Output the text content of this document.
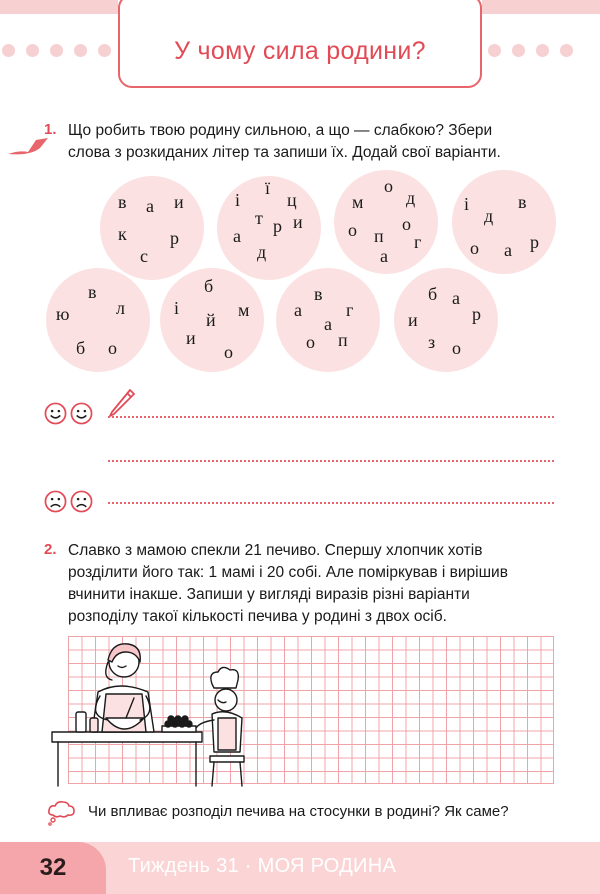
У чому сила родини?
1. Що робить твою родину сильною, а що — слабкою? Збери
слова з розкиданих літер та запиши їх. Додай свої варіанти.
в а и
к р
с
ї
і	ц
т р
а
и
д
о
м д
о	о
п г
а
і	в
д
о а р
в
ю	л
б о
б
м
і
й
и
о
в
а г
а
о п
б а
и	р
з о
2. Славко з мамою спекли 21 печиво. Спершу хлопчик хотів
розділити його так: 1 мамі і 20 собі. Але поміркував і вирішив
вчинити інакше. Запиши у вигляді виразів різні варіанти
розподілу такої кількості печива у родині з двох осіб.
Чи впливає розподіл печива на стосунки в родині? Як саме?
32	Тиждень 31 · МОЯ РОДИНА
